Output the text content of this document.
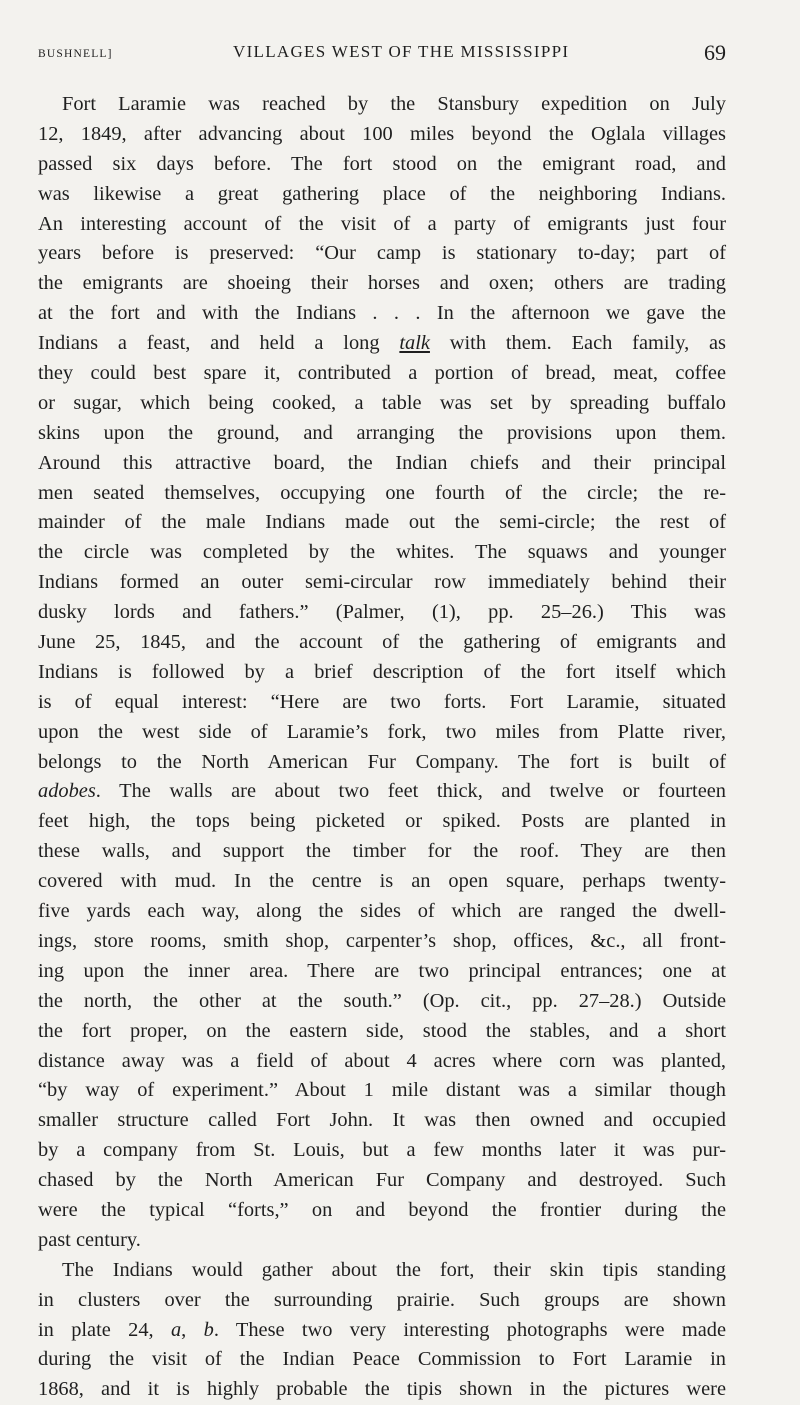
BUSHNELL]	VILLAGES WEST OF THE MISSISSIPPI	69
Fort Laramie was reached by the Stansbury expedition on July
12, 1849, after advancing about 100 miles beyond the Oglala villages
passed six days before. The fort stood on the emigrant road, and
was likewise a great gathering place of the neighboring Indians.
An interesting account of the visit of a party of emigrants just four
years before is preserved: “Our camp is stationary to-day; part of
the emigrants are shoeing their horses and oxen; others are trading
at the fort and with the Indians . . . In the afternoon we gave the
Indians a feast, and held a long talk with them. Each family, as
they could best spare it, contributed a portion of bread, meat, coffee
or sugar, which being cooked, a table was set by spreading buffalo
skins upon the ground, and arranging the provisions upon them.
Around this attractive board, the Indian chiefs and their principal
men seated themselves, occupying one fourth of the circle; the re-
mainder of the male Indians made out the semi-circle; the rest of
the circle was completed by the whites. The squaws and younger
Indians formed an outer semi-circular row immediately behind their
dusky lords and fathers.” (Palmer, (1), pp. 25–26.) This was
June 25, 1845, and the account of the gathering of emigrants and
Indians is followed by a brief description of the fort itself which
is of equal interest: “Here are two forts. Fort Laramie, situated
upon the west side of Laramie’s fork, two miles from Platte river,
belongs to the North American Fur Company. The fort is built of
adobes. The walls are about two feet thick, and twelve or fourteen
feet high, the tops being picketed or spiked. Posts are planted in
these walls, and support the timber for the roof. They are then
covered with mud. In the centre is an open square, perhaps twenty-
five yards each way, along the sides of which are ranged the dwell-
ings, store rooms, smith shop, carpenter’s shop, offices, &c., all front-
ing upon the inner area. There are two principal entrances; one at
the north, the other at the south.” (Op. cit., pp. 27–28.) Outside
the fort proper, on the eastern side, stood the stables, and a short
distance away was a field of about 4 acres where corn was planted,
“by way of experiment.” About 1 mile distant was a similar though
smaller structure called Fort John. It was then owned and occupied
by a company from St. Louis, but a few months later it was pur-
chased by the North American Fur Company and destroyed. Such
were the typical “forts,” on and beyond the frontier during the
past century.
The Indians would gather about the fort, their skin tipis standing
in clusters over the surrounding prairie. Such groups are shown
in plate 24, a, b. These two very interesting photographs were made
during the visit of the Indian Peace Commission to Fort Laramie in
1868, and it is highly probable the tipis shown in the pictures were
